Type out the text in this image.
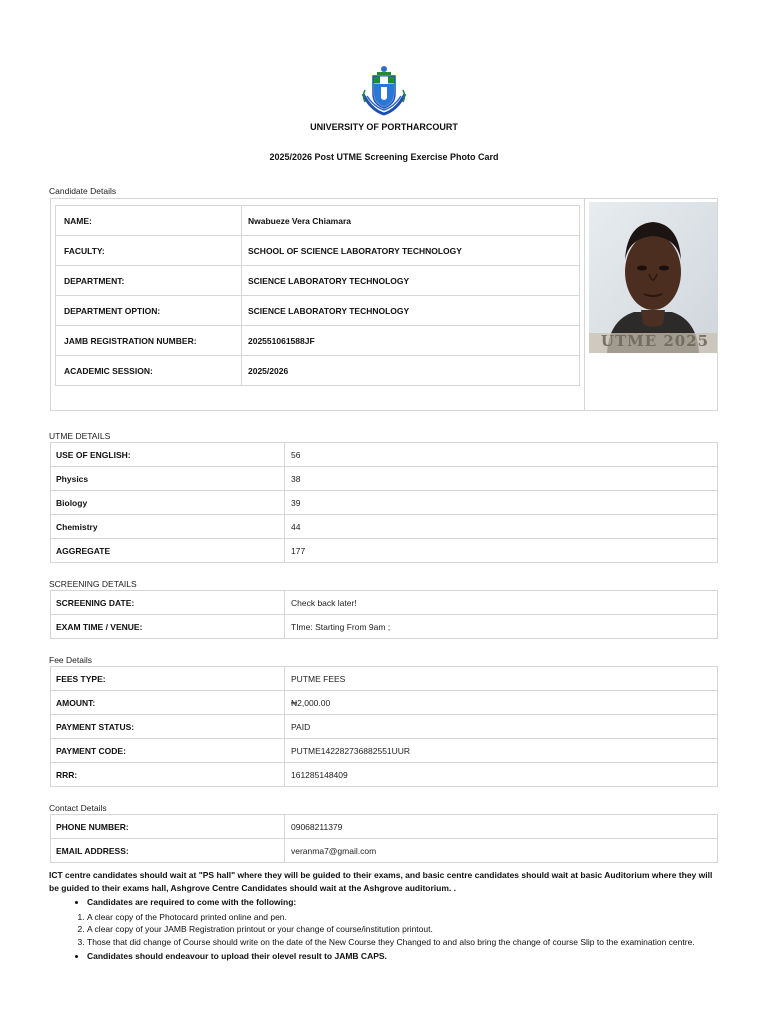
UNIVERSITY OF PORTHARCOURT
2025/2026 Post UTME Screening Exercise Photo Card
Candidate Details
NAME:	Nwabueze Vera Chiamara
FACULTY:	SCHOOL OF SCIENCE LABORATORY TECHNOLOGY
DEPARTMENT:	SCIENCE LABORATORY TECHNOLOGY
DEPARTMENT OPTION:	SCIENCE LABORATORY TECHNOLOGY
JAMB REGISTRATION NUMBER:	202551061588JF
ACADEMIC SESSION:	2025/2026
UTME 2025
UTME DETAILS
USE OF ENGLISH:	56
Physics	38
Biology	39
Chemistry	44
AGGREGATE	177
SCREENING DETAILS
SCREENING DATE:	Check back later!
EXAM TIME / VENUE:	TIme: Starting From 9am ;
Fee Details
FEES TYPE:	PUTME FEES
AMOUNT:	₦2,000.00
PAYMENT STATUS:	PAID
PAYMENT CODE:	PUTME142282736882551UUR
RRR:	161285148409
Contact Details
PHONE NUMBER:	09068211379
EMAIL ADDRESS:	veranma7@gmail.com
ICT centre candidates should wait at "PS hall" where they will be guided to their exams, and basic centre candidates should wait at basic Auditorium where they will be guided to their exams hall, Ashgrove Centre Candidates should wait at the Ashgrove auditorium. .
• Candidates are required to come with the following:
1. A clear copy of the Photocard printed online and pen.
2. A clear copy of your JAMB Registration printout or your change of course/institution printout.
3. Those that did change of Course should write on the date of the New Course they Changed to and also bring the change of course Slip to the examination centre.
• Candidates should endeavour to upload their olevel result to JAMB CAPS.
